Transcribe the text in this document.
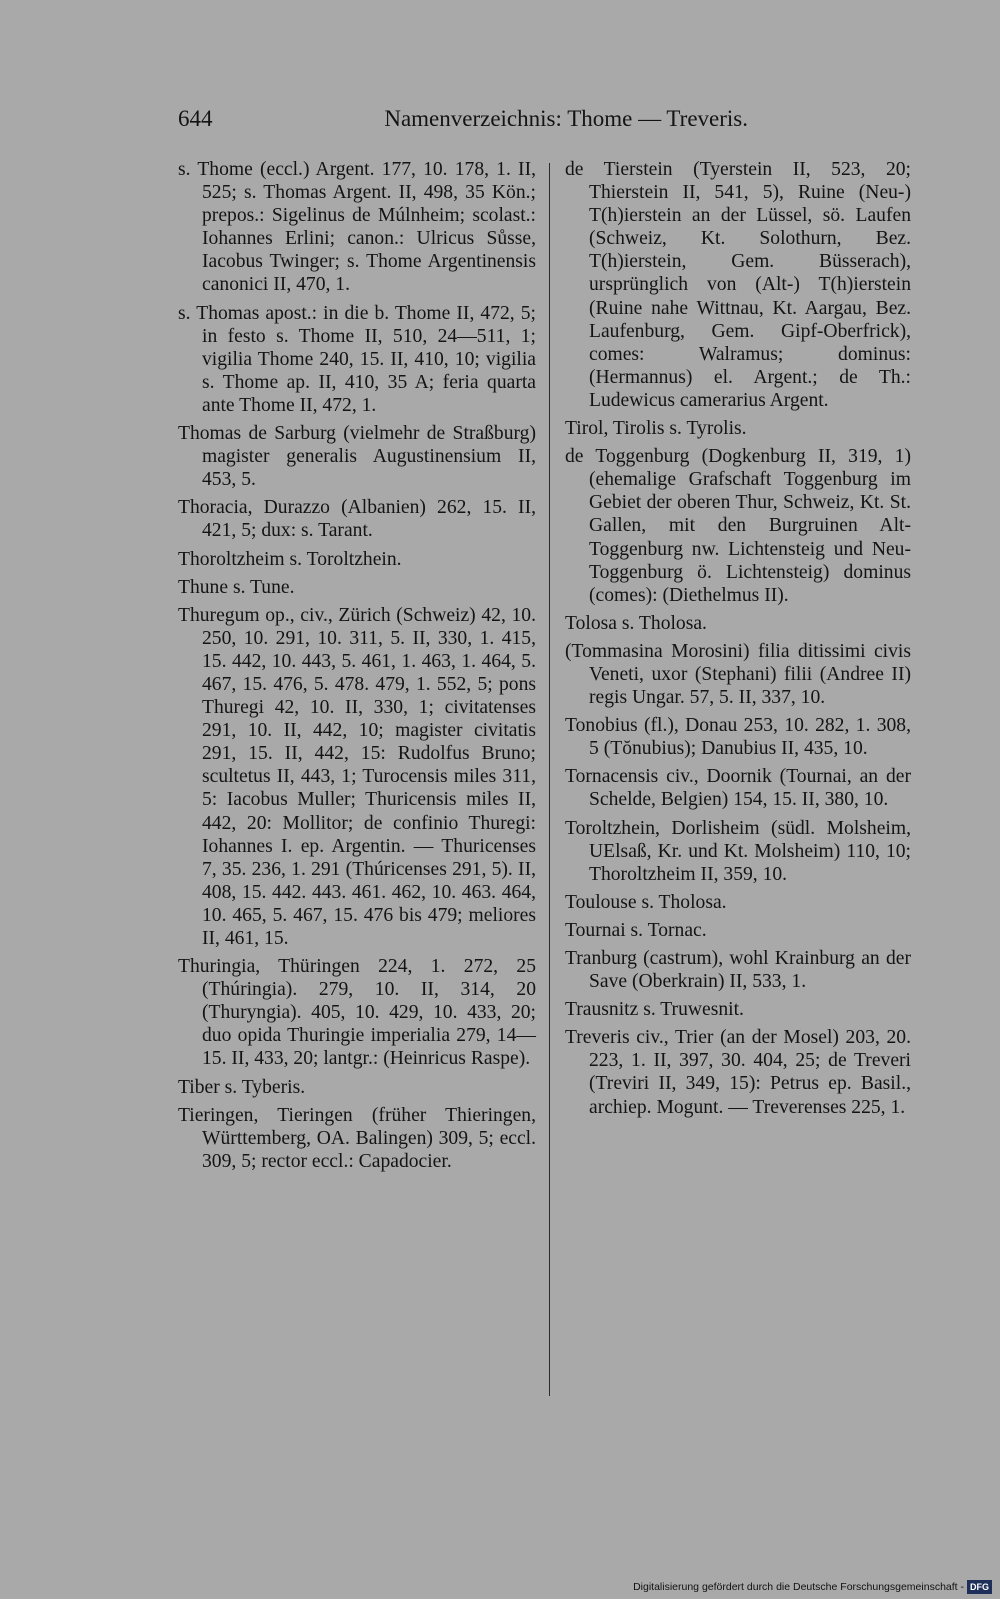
644	Namenverzeichnis: Thome — Treveris.

s. Thome (eccl.) Argent. 177, 10. 178, 1. II, 525; s. Thomas Argent. II, 498, 35 Kön.; prepos.: Sigelinus de Múlnheim; scolast.: Iohannes Erlini; canon.: Ulricus Sůsse, Iacobus Twinger; s. Thome Argentinensis canonici II, 470, 1.

s. Thomas apost.: in die b. Thome II, 472, 5; in festo s. Thome II, 510, 24—511, 1; vigilia Thome 240, 15. II, 410, 10; vigilia s. Thome ap. II, 410, 35 A; feria quarta ante Thome II, 472, 1.

Thomas de Sarburg (vielmehr de Straßburg) magister generalis Augustinensium II, 453, 5.

Thoracia, Durazzo (Albanien) 262, 15. II, 421, 5; dux: s. Tarant.

Thoroltzheim s. Toroltzhein.

Thune s. Tune.

Thuregum op., civ., Zürich (Schweiz) 42, 10. 250, 10. 291, 10. 311, 5. II, 330, 1. 415, 15. 442, 10. 443, 5. 461, 1. 463, 1. 464, 5. 467, 15. 476, 5. 478. 479, 1. 552, 5; pons Thuregi 42, 10. II, 330, 1; civitatenses 291, 10. II, 442, 10; magister civitatis 291, 15. II, 442, 15: Rudolfus Bruno; scultetus II, 443, 1; Turocensis miles 311, 5: Iacobus Muller; Thuricensis miles II, 442, 20: Mollitor; de confinio Thuregi: Iohannes I. ep. Argentin. — Thuricenses 7, 35. 236, 1. 291 (Thúricenses 291, 5). II, 408, 15. 442. 443. 461. 462, 10. 463. 464, 10. 465, 5. 467, 15. 476 bis 479; meliores II, 461, 15.

Thuringia, Thüringen 224, 1. 272, 25 (Thúringia). 279, 10. II, 314, 20 (Thuryngia). 405, 10. 429, 10. 433, 20; duo opida Thuringie imperialia 279, 14—15. II, 433, 20; lantgr.: (Heinricus Raspe).

Tiber s. Tyberis.

Tieringen, Tieringen (früher Thieringen, Württemberg, OA. Balingen) 309, 5; eccl. 309, 5; rector eccl.: Capadocier.

de Tierstein (Tyerstein II, 523, 20; Thierstein II, 541, 5), Ruine (Neu-) T(h)ierstein an der Lüssel, sö. Laufen (Schweiz, Kt. Solothurn, Bez. T(h)ierstein, Gem. Büsserach), ursprünglich von (Alt-) T(h)ierstein (Ruine nahe Wittnau, Kt. Aargau, Bez. Laufenburg, Gem. Gipf-Oberfrick), comes: Walramus; dominus: (Hermannus) el. Argent.; de Th.: Ludewicus camerarius Argent.

Tirol, Tirolis s. Tyrolis.

de Toggenburg (Dogkenburg II, 319, 1) (ehemalige Grafschaft Toggenburg im Gebiet der oberen Thur, Schweiz, Kt. St. Gallen, mit den Burgruinen Alt-Toggenburg nw. Lichtensteig und Neu-Toggenburg ö. Lichtensteig) dominus (comes): (Diethelmus II).

Tolosa s. Tholosa.

(Tommasina Morosini) filia ditissimi civis Veneti, uxor (Stephani) filii (Andree II) regis Ungar. 57, 5. II, 337, 10.

Tonobius (fl.), Donau 253, 10. 282, 1. 308, 5 (Tŏnubius); Danubius II, 435, 10.

Tornacensis civ., Doornik (Tournai, an der Schelde, Belgien) 154, 15. II, 380, 10.

Toroltzhein, Dorlisheim (südl. Molsheim, UElsaß, Kr. und Kt. Molsheim) 110, 10; Thoroltzheim II, 359, 10.

Toulouse s. Tholosa.

Tournai s. Tornac.

Tranburg (castrum), wohl Krainburg an der Save (Oberkrain) II, 533, 1.

Trausnitz s. Truwesnit.

Treveris civ., Trier (an der Mosel) 203, 20. 223, 1. II, 397, 30. 404, 25; de Treveri (Treviri II, 349, 15): Petrus ep. Basil., archiep. Mogunt. — Treverenses 225, 1.

Digitalisierung gefördert durch die Deutsche Forschungsgemeinschaft - DFG
